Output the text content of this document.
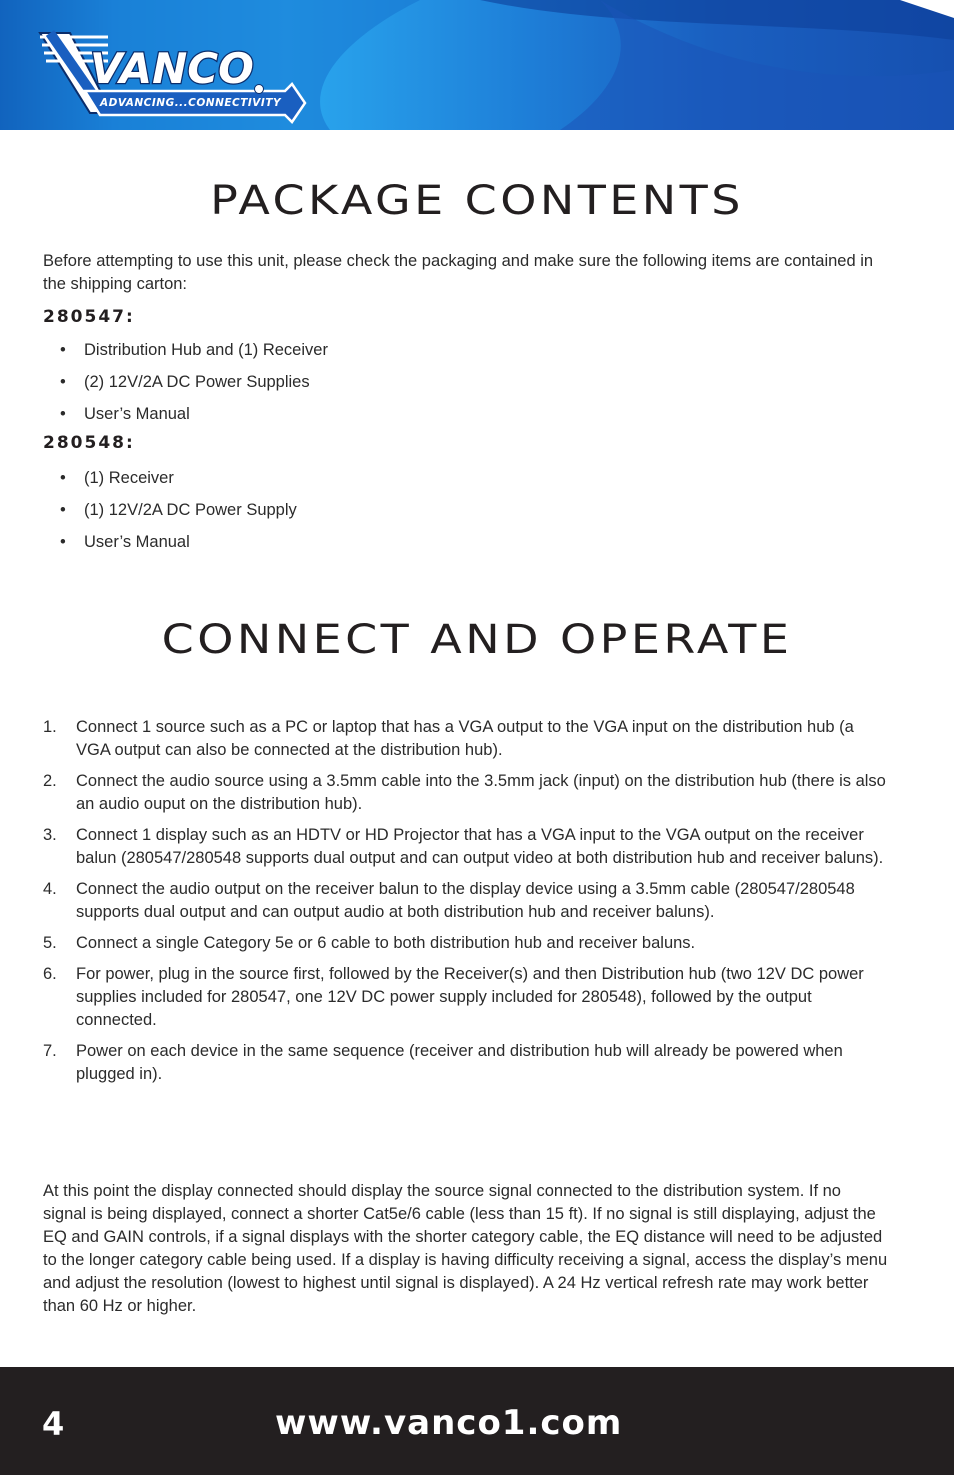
VANCO
ADVANCING...CONNECTIVITY
PACKAGE CONTENTS

Before attempting to use this unit, please check the packaging and make sure the following items are contained in the shipping carton:

280547:
•	Distribution Hub and (1) Receiver
•	(2) 12V/2A DC Power Supplies
•	User’s Manual
280548:
•	(1) Receiver
•	(1) 12V/2A DC Power Supply
•	User’s Manual
CONNECT AND OPERATE
1.	Connect 1 source such as a PC or laptop that has a VGA output to the VGA input on the distribution hub (a VGA output can also be connected at the distribution hub).
2.	Connect the audio source using a 3.5mm cable into the 3.5mm jack (input) on the distribution hub (there is also an audio ouput on the distribution hub).
3.	Connect 1 display such as an HDTV or HD Projector that has a VGA input to the VGA output on the receiver balun (280547/280548 supports dual output and can output video at both distribution hub and receiver baluns).
4.	Connect the audio output on the receiver balun to the display device using a 3.5mm cable (280547/280548 supports dual output and can output audio at both distribution hub and receiver baluns).
5.	Connect a single Category 5e or 6 cable to both distribution hub and receiver baluns.
6.	For power, plug in the source first, followed by the Receiver(s) and then Distribution hub (two 12V DC power supplies included for 280547, one 12V DC power supply included for 280548), followed by the output connected.
7.	Power on each device in the same sequence (receiver and distribution hub will already be powered when plugged in).

At this point the display connected should display the source signal connected to the distribution system. If no signal is being displayed, connect a shorter Cat5e/6 cable (less than 15 ft). If no signal is still displaying, adjust the EQ and GAIN controls, if a signal displays with the shorter category cable, the EQ distance will need to be adjusted to the longer category cable being used. If a display is having difficulty receiving a signal, access the display’s menu and adjust the resolution (lowest to highest until signal is displayed). A 24 Hz vertical refresh rate may work better than 60 Hz or higher.

4	www.vanco1.com
